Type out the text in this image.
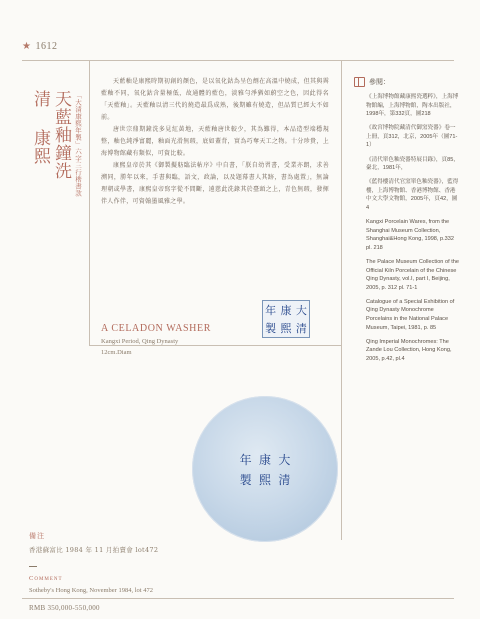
★ 1612
天藍釉鐘洗
清 康熙	「大清康熙年製」六字三行楷書款

天藍釉是康熙時期初創的顏色，是以氧化鈷為呈色劑在高溫中燒成，但其與霽藍釉不同，氧化鈷含量極低，故通體的藍色，淡雅勻淨猶如蔚空之色，因此得名「天藍釉」。天藍釉以清三代的燒造最爲成熟，後期雖有燒造，但品質已經大不如前。

唐世宗鼎期鐘洗多見紅黃地，天藍釉唐世較少，其為難得，本品造型端穩規整，釉色純淨富麗，釉面光滑無瑕，底如蓋背，實為巧奪天工之物。十分珍貴，上海博物館藏有類似，可資比較。

康熙皇帝於其《御製擬舫臨法帖序》中自書，「朕自幼習書，受業亦朗，求善溯同，勝年以來，手書與臨，語文，政論，以及題幕書人其跡，書為處置」，無論理朝或學書，康熙皇帝寫字從不間斷，遠慈此洗錄其於臺頭之上，青色無瑕，發揮伴人作伴，可資翰墨風雅之學。

A CELADON WASHER
Kangxi Period, Qing Dynasty
12cm.Diam
年 康 大
製 熙 清
年 康 大
製 熙 清
參閱：

《上海博物館藏康熙瓷選粹》，上海博物館編，上海博物館，陶本出版社，1998年，第332頁，圖218

《故宮博物院藏清代御窯瓷器》卷一上冊，頁312，北京，2005年（圖71-1）

《清代單色釉瓷器特展目錄》，頁85，臺北，1981年，

《藍得樓清代官窯單色釉瓷器》，藍得樓，上海博物館、香港博物館、香港中文大學文物館，2005年，頁42，圖4

Kangxi Porcelain Wares, from the Shanghai Museum Collection, Shanghai&Hong Kong, 1998, p.332 pl. 218

The Palace Museum Collection of the Official Kiln Porcelain of the Chinese Qing Dynasty, vol.I, part I, Beijing, 2005, p. 312 pl. 71-1

Catalogue of a Special Exhibition of Qing Dynasty Monochrome Porcelains in the National Palace Museum, Taipei, 1981, p. 85

Qing Imperial Monochromes: The Zande Lou Collection, Hong Kong, 2005, p.42, pl.4

備注
香港蘇富比 1984 年 11 月拍賣會 lot472
Comment
Sotheby's Hong Kong, November 1984, lot 472
RMB 350,000-550,000
